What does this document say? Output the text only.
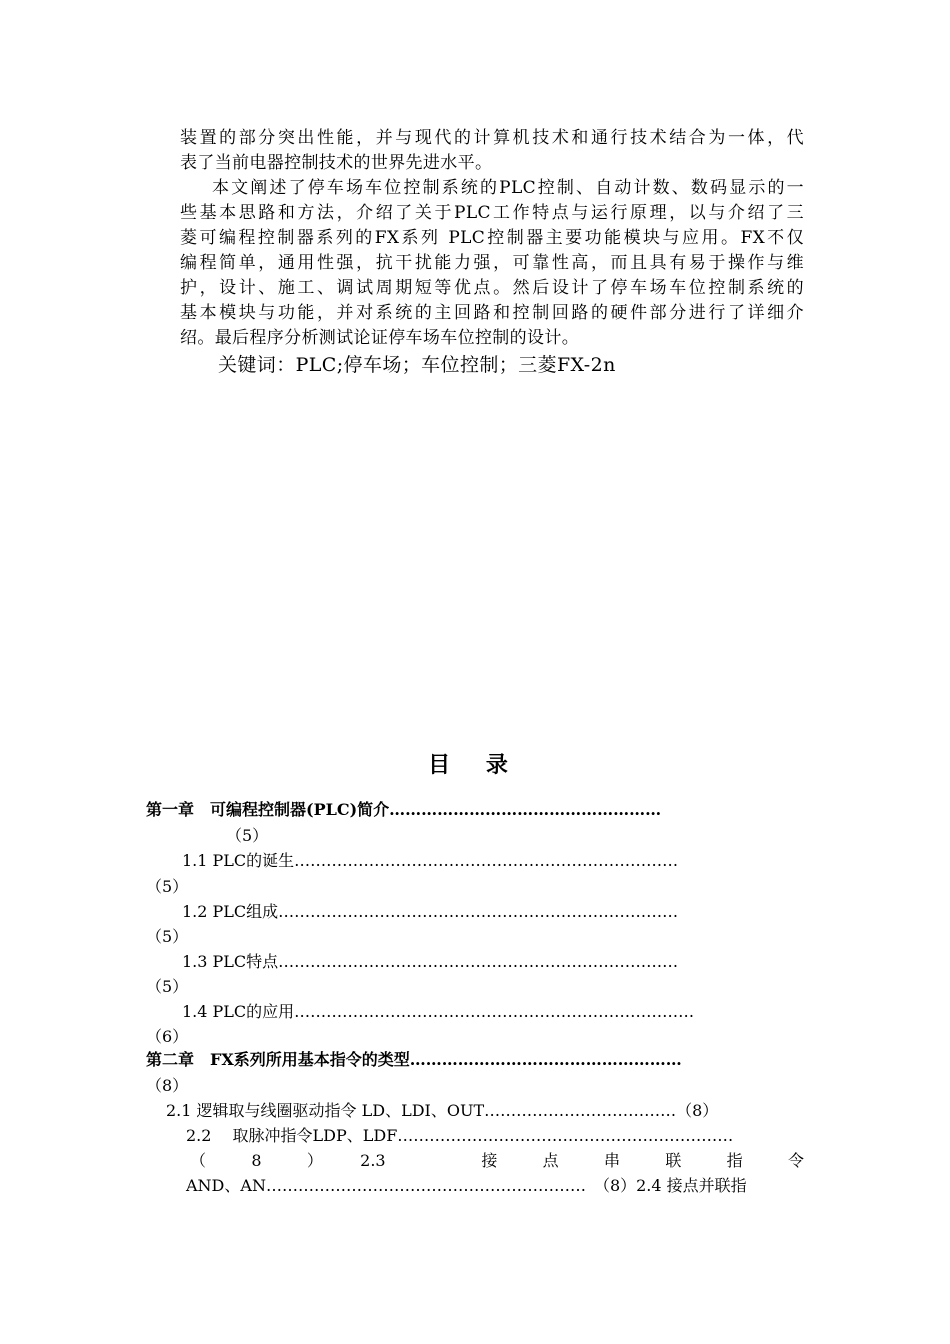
装置的部分突出性能，并与现代的计算机技术和通行技术结合为一体，代
表了当前电器控制技术的世界先进水平。
本文阐述了停车场车位控制系统的PLC控制、自动计数、数码显示的一
些基本思路和方法，介绍了关于PLC工作特点与运行原理，以与介绍了三
菱可编程控制器系列的FX系列 PLC控制器主要功能模块与应用。FX不仅
编程简单，通用性强，抗干扰能力强，可靠性高，而且具有易于操作与维
护，设计、施工、调试周期短等优点。然后设计了停车场车位控制系统的
基本模块与功能，并对系统的主回路和控制回路的硬件部分进行了详细介
绍。最后程序分析测试论证停车场车位控制的设计。
关键词：PLC;停车场；车位控制；三菱FX-2n
目 录
第一章　可编程控制器(PLC)简介……………………………………………
（5）
1.1 PLC的诞生………………………………………………………………
（5）
1.2 PLC组成…………………………………………………………………
（5）
1.3 PLC特点…………………………………………………………………
（5）
1.4 PLC的应用…………………………………………………………………
（6）
第二章　FX系列所用基本指令的类型……………………………………………
（8）
2.1 逻辑取与线圈驱动指令 LD、LDI、OUT………………………………（8）
2.2　 取脉冲指令LDP、LDF………………………………………………………
（　8　）　2.3　　 接　点　串　联　指　令
AND、AN……………………………………………………　（8）2.4 接点并联指
